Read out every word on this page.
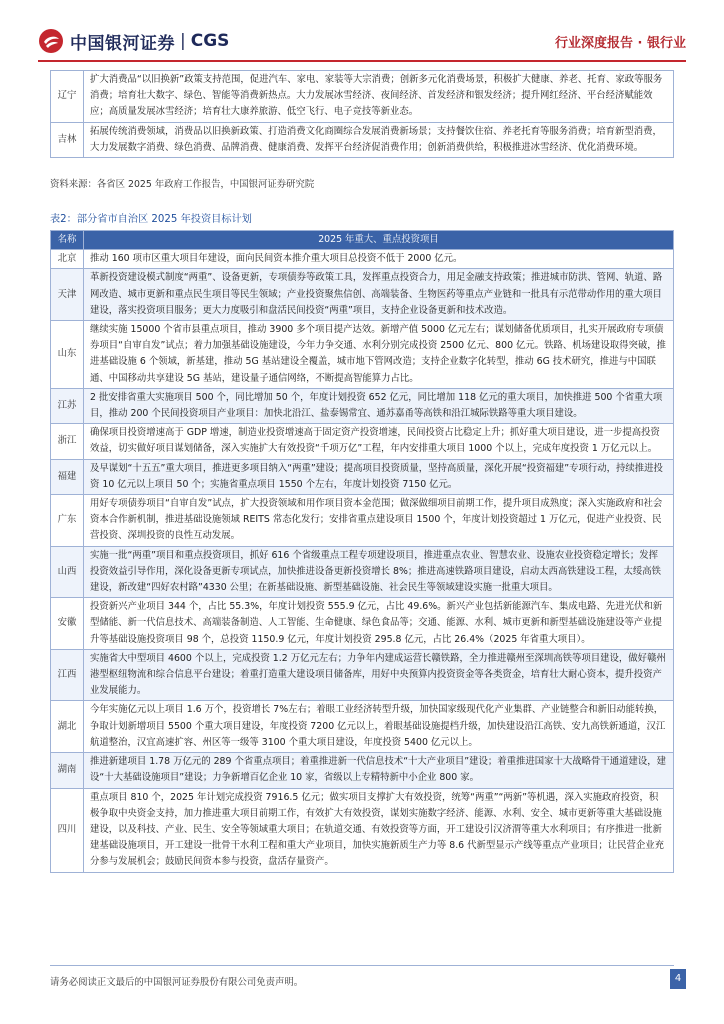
中国银河证券 | CGS	行业深度报告 · 银行业
辽宁	扩大消费品“以旧换新”政策支持范围，促进汽车、家电、家装等大宗消费；创新多元化消费场景，积极扩大健康、养老、托育、家政等服务消费；培育壮大数字、绿色、智能等消费新热点。大力发展冰雪经济、夜间经济、首发经济和银发经济；提升网红经济、平台经济赋能效应；高质量发展冰雪经济；培育壮大康养旅游、低空飞行、电子竞技等新业态。
吉林	拓展传统消费领域，消费品以旧换新政策、打造消费文化商圈综合发展消费新场景；支持餐饮住宿、养老托育等服务消费；培育新型消费，大力发展数字消费、绿色消费、品牌消费、健康消费、发挥平台经济促消费作用；创新消费供给，积极推进冰雪经济、优化消费环境。
资料来源：各省区 2025 年政府工作报告，中国银河证券研究院
表2：部分省市自治区 2025 年投资目标计划
名称	2025 年重大、重点投资项目
北京	推动 160 项市区重大项目年建设，面向民间资本推介重大项目总投资不低于 2000 亿元。
天津	革新投资建设模式制度“两重”、设备更新，专项债券等政策工具，发挥重点投资合力，用足金融支持政策；推进城市防洪、管网、轨道、路网改造、城市更新和重点民生项目等民生领域；产业投资聚焦信创、高端装备、生物医药等重点产业链和一批具有示范带动作用的重大项目建设，落实投资项目服务；更大力度吸引和盘活民间投资“两重”项目，支持企业设备更新和技术改造。
山东	继续实施 15000 个省市县重点项目，推动 3900 多个项目提产达效。新增产值 5000 亿元左右；谋划储备优质项目，扎实开展政府专项债券项目“自审自发”试点；着力加强基础设施建设，今年力争交通、水利分别完成投资 2500 亿元、800 亿元。铁路、机场建设取得突破，推进基础设施 6 个领域，新基建，推动 5G 基站建设全覆盖，城市地下管网改造；支持企业数字化转型，推动 6G 技术研究，推进与中国联通、中国移动共享建设 5G 基站，建设量子通信网络，不断提高智能算力占比。
江苏	2 批安排省重大实施项目 500 个，同比增加 50 个，年度计划投资 652 亿元，同比增加 118 亿元的重大项目，加快推进 500 个省重大项目，推动 200 个民间投资项目产业项目：加快北沿江、盐泰锡常宜、通苏嘉甬等高铁和沿江城际铁路等重大项目建设。
浙江	确保项目投资增速高于 GDP 增速，制造业投资增速高于固定资产投资增速，民间投资占比稳定上升；抓好重大项目建设，进一步提高投资效益，切实做好项目谋划储备，深入实施扩大有效投资“千项万亿”工程，年内安排重大项目 1000 个以上，完成年度投资 1 万亿元以上。
福建	及早谋划“十五五”重大项目，推进更多项目纳入“两重”建设；提高项目投资质量，坚持高质量，深化开展“投资福建”专项行动，持续推进投资 10 亿元以上项目 50 个；实施省重点项目 1550 个左右，年度计划投资 7150 亿元。
广东	用好专项债券项目“自审自发”试点，扩大投资领域和用作项目资本金范围；做深做细项目前期工作，提升项目成熟度；深入实施政府和社会资本合作新机制，推进基础设施领域 REITS 常态化发行；安排省重点建设项目 1500 个，年度计划投资超过 1 万亿元，促进产业投资、民营投资、深圳投资的良性互动发展。
山西	实施一批“两重”项目和重点投资项目，抓好 616 个省级重点工程专项建设项目，推进重点农业、智慧农业、设施农业投资稳定增长；发挥投资效益引导作用，深化设备更新专项试点，加快推进设备更新投资增长 8%；推进高速铁路项目建设，启动太西高铁建设工程，太绥高铁建设，新改建“四好农村路”4330 公里；在新基础设施、新型基础设施、社会民生等领域建设实施一批重大项目。
安徽	投资新兴产业项目 344 个，占比 55.3%，年度计划投资 555.9 亿元，占比 49.6%。新兴产业包括新能源汽车、集成电路、先进光伏和新型储能、新一代信息技术、高端装备制造、人工智能、生命健康、绿色食品等；交通、能源、水利、城市更新和新型基础设施建设等产业提升等基础设施投资项目 98 个，总投资 1150.9 亿元，年度计划投资 295.8 亿元，占比 26.4%（2025 年省重大项目）。
江西	实施省大中型项目 4600 个以上，完成投资 1.2 万亿元左右；力争年内建成运营长赣铁路，全力推进赣州至深圳高铁等项目建设，做好赣州港型枢纽物流和综合信息平台建设；着重打造重大建设项目储备库，用好中央预算内投资资金等各类资金，培育壮大耐心资本，提升投资产业发展能力。
湖北	今年实施亿元以上项目 1.6 万个，投资增长 7%左右；着眼工业经济转型升级，加快国家级现代化产业集群、产业链整合和新旧动能转换，争取计划新增项目 5500 个重大项目建设，年度投资 7200 亿元以上，着眼基础设施提档升级，加快建设沿江高铁、安九高铁新通道，汉江航道整治，汉宜高速扩容、州区等一级等 3100 个重大项目建设，年度投资 5400 亿元以上。
湖南	推进新建项目 1.78 万亿元的 289 个省重点项目；着重推进新一代信息技术“十大产业项目”建设；着重推进国家十大战略骨干通道建设，建设“十大基础设施项目”建设；力争新增百亿企业 10 家，省级以上专精特新中小企业 800 家。
四川	重点项目 810 个，2025 年计划完成投资 7916.5 亿元；做实项目支撑扩大有效投资，统筹“两重”“两新”等机遇，深入实施政府投资，积极争取中央资金支持，加力推进重大项目前期工作，有效扩大有效投资，谋划实施数字经济、能源、水利、安全、城市更新等重大基础设施建设，以及科技、产业、民生、安全等领域重大项目；在轨道交通、有效投资等方面，开工建设引汉济渭等重大水利项目；有序推进一批新建基础设施项目，开工建设一批骨干水利工程和重大产业项目，加快实施新质生产力等 8.6 代新型显示产线等重点产业项目；让民营企业充分参与发展机会；鼓励民间资本参与投资，盘活存量资产。
请务必阅读正文最后的中国银河证券股份有限公司免责声明。	4
